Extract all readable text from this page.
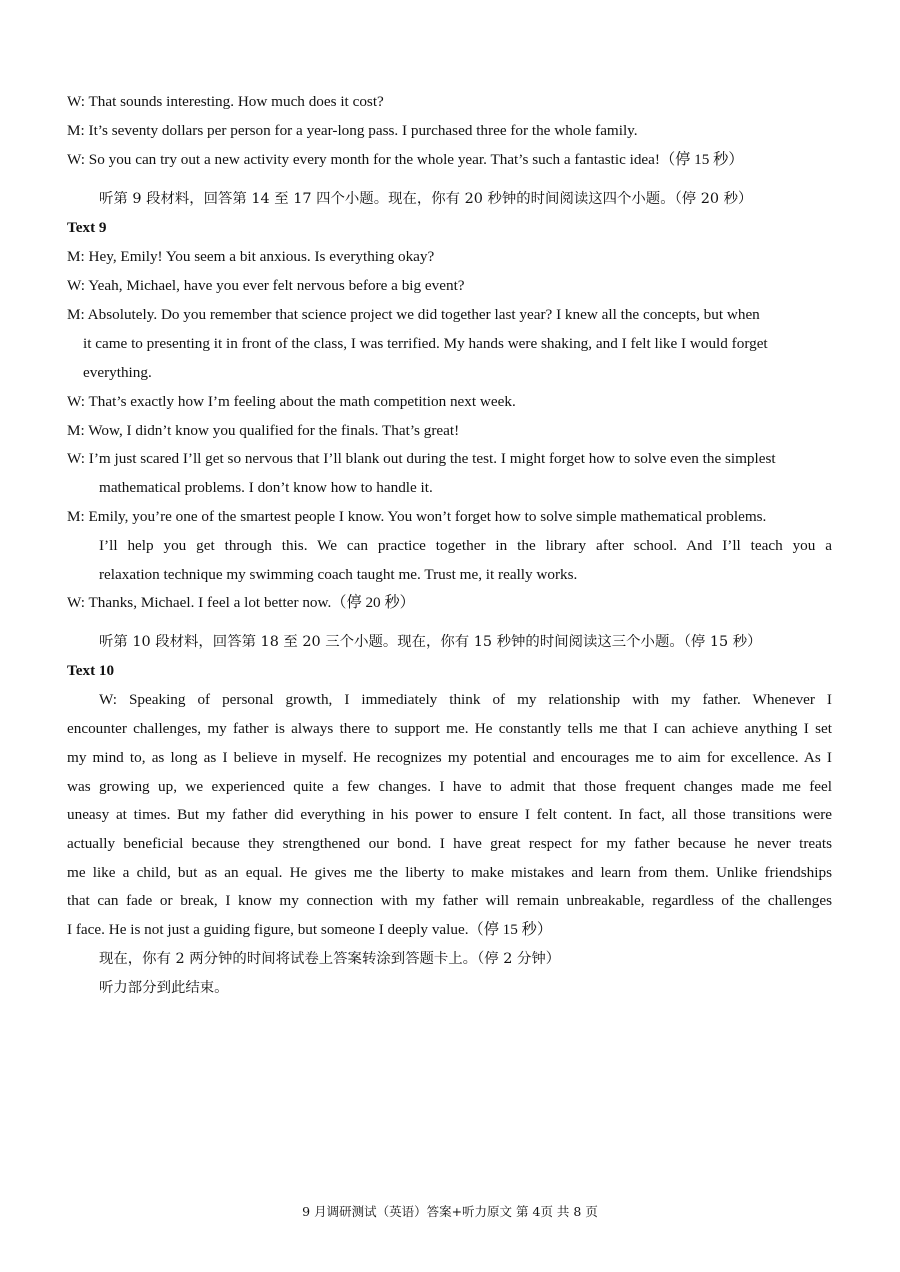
W: That sounds interesting. How much does it cost?
M: It’s seventy dollars per person for a year-long pass. I purchased three for the whole family.
W: So you can try out a new activity every month for the whole year. That’s such a fantastic idea!（停 15 秒）
听第 9 段材料，回答第 14 至 17 四个小题。现在，你有 20 秒钟的时间阅读这四个小题。（停 20 秒）
Text 9
M: Hey, Emily! You seem a bit anxious. Is everything okay?
W: Yeah, Michael, have you ever felt nervous before a big event?
M: Absolutely. Do you remember that science project we did together last year? I knew all the concepts, but when
it came to presenting it in front of the class, I was terrified. My hands were shaking, and I felt like I would forget
everything.
W: That’s exactly how I’m feeling about the math competition next week.
M: Wow, I didn’t know you qualified for the finals. That’s great!
W: I’m just scared I’ll get so nervous that I’ll blank out during the test. I might forget how to solve even the simplest
mathematical problems. I don’t know how to handle it.
M: Emily, you’re one of the smartest people I know. You won’t forget how to solve simple mathematical problems.
I’ll help you get through this. We can practice together in the library after school. And I’ll teach you a
relaxation technique my swimming coach taught me. Trust me, it really works.
W: Thanks, Michael. I feel a lot better now.（停 20 秒）
听第 10 段材料，回答第 18 至 20 三个小题。现在，你有 15 秒钟的时间阅读这三个小题。（停 15 秒）
Text 10
W: Speaking of personal growth, I immediately think of my relationship with my father. Whenever I
encounter challenges, my father is always there to support me. He constantly tells me that I can achieve anything I set
my mind to, as long as I believe in myself. He recognizes my potential and encourages me to aim for excellence. As I
was growing up, we experienced quite a few changes. I have to admit that those frequent changes made me feel
uneasy at times. But my father did everything in his power to ensure I felt content. In fact, all those transitions were
actually beneficial because they strengthened our bond. I have great respect for my father because he never treats
me like a child, but as an equal. He gives me the liberty to make mistakes and learn from them. Unlike friendships
that can fade or break, I know my connection with my father will remain unbreakable, regardless of the challenges
I face. He is not just a guiding figure, but someone I deeply value.（停 15 秒）
现在，你有 2 两分钟的时间将试卷上答案转涂到答题卡上。（停 2 分钟）
听力部分到此结束。
9 月调研测试（英语）答案+听力原文 第 4页 共 8 页
